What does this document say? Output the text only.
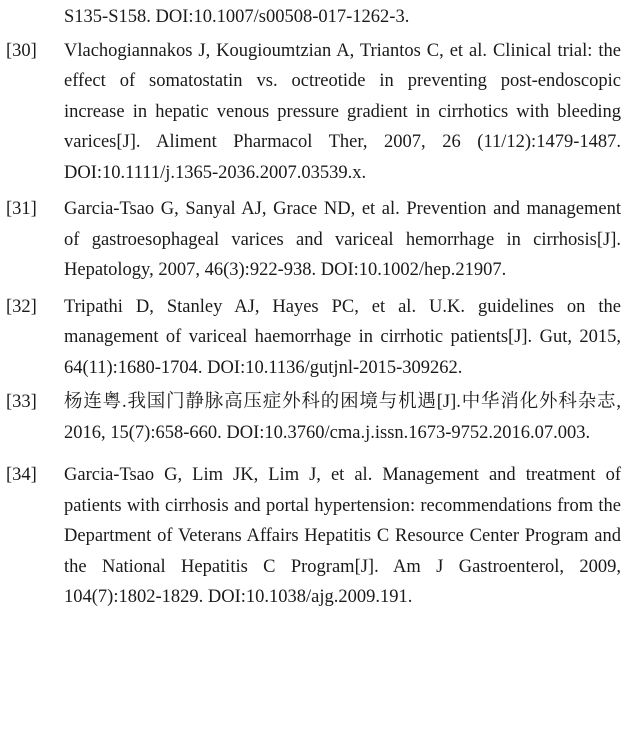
S135-S158. DOI:10.1007/s00508-017-1262-3.
[30]	Vlachogiannakos J, Kougioumtzian A, Triantos C, et al. Clinical trial: the effect of somatostatin vs. octreotide in preventing post-endoscopic increase in hepatic venous pressure gradient in cirrhotics with bleeding varices[J]. Aliment Pharmacol Ther, 2007, 26 (11/12):1479-1487. DOI:10.1111/j.1365-2036.2007.03539.x.
[31]	Garcia-Tsao G, Sanyal AJ, Grace ND, et al. Prevention and management of gastroesophageal varices and variceal hemorrhage in cirrhosis[J]. Hepatology, 2007, 46(3):922-938. DOI:10.1002/hep.21907.
[32]	Tripathi D, Stanley AJ, Hayes PC, et al. U.K. guidelines on the management of variceal haemorrhage in cirrhotic patients[J]. Gut, 2015, 64(11):1680-1704. DOI:10.1136/gutjnl-2015-309262.
[33]	杨连粤.我国门静脉高压症外科的困境与机遇[J].中华消化外科杂志, 2016, 15(7):658-660. DOI:10.3760/cma.j.issn.1673-9752.2016.07.003.
[34]	Garcia-Tsao G, Lim JK, Lim J, et al. Management and treatment of patients with cirrhosis and portal hypertension: recommendations from the Department of Veterans Affairs Hepatitis C Resource Center Program and the National Hepatitis C Program[J]. Am J Gastroenterol, 2009, 104(7):1802-1829. DOI:10.1038/ajg.2009.191.
